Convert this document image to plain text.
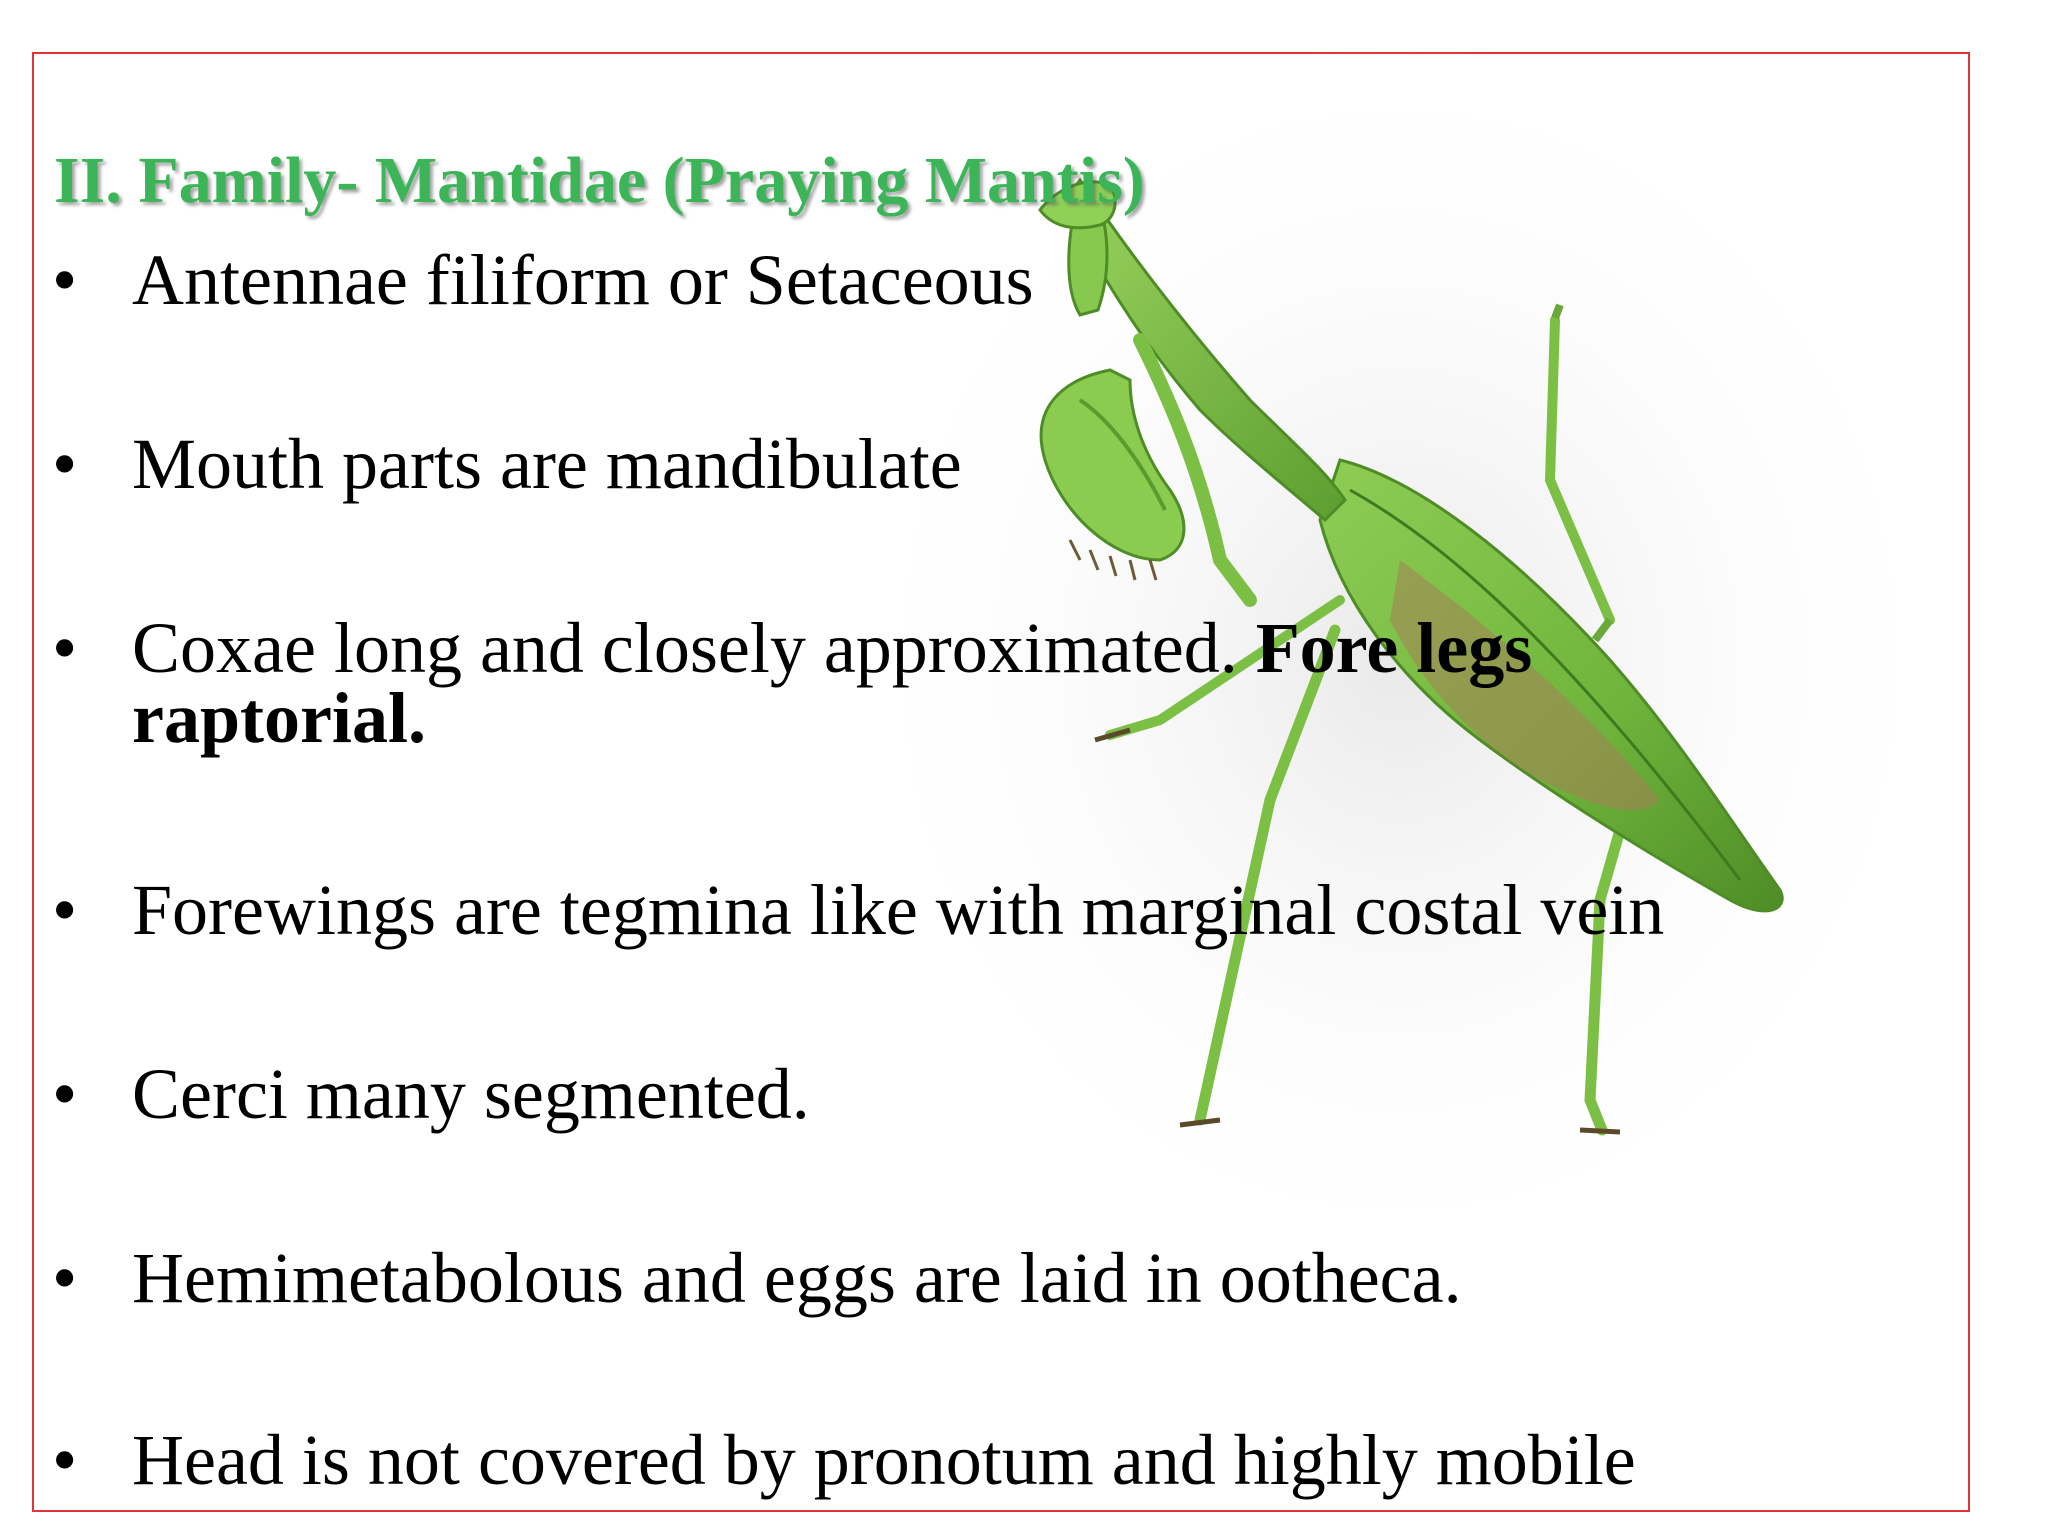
II. Family- Mantidae (Praying Mantis)
• Antennae filiform or Setaceous
• Mouth parts are mandibulate
• Coxae long and closely approximated. Fore legs
raptorial.
• Forewings are tegmina like with marginal costal vein
• Cerci many segmented.
• Hemimetabolous and eggs are laid in ootheca.
• Head is not covered by pronotum and highly mobile
